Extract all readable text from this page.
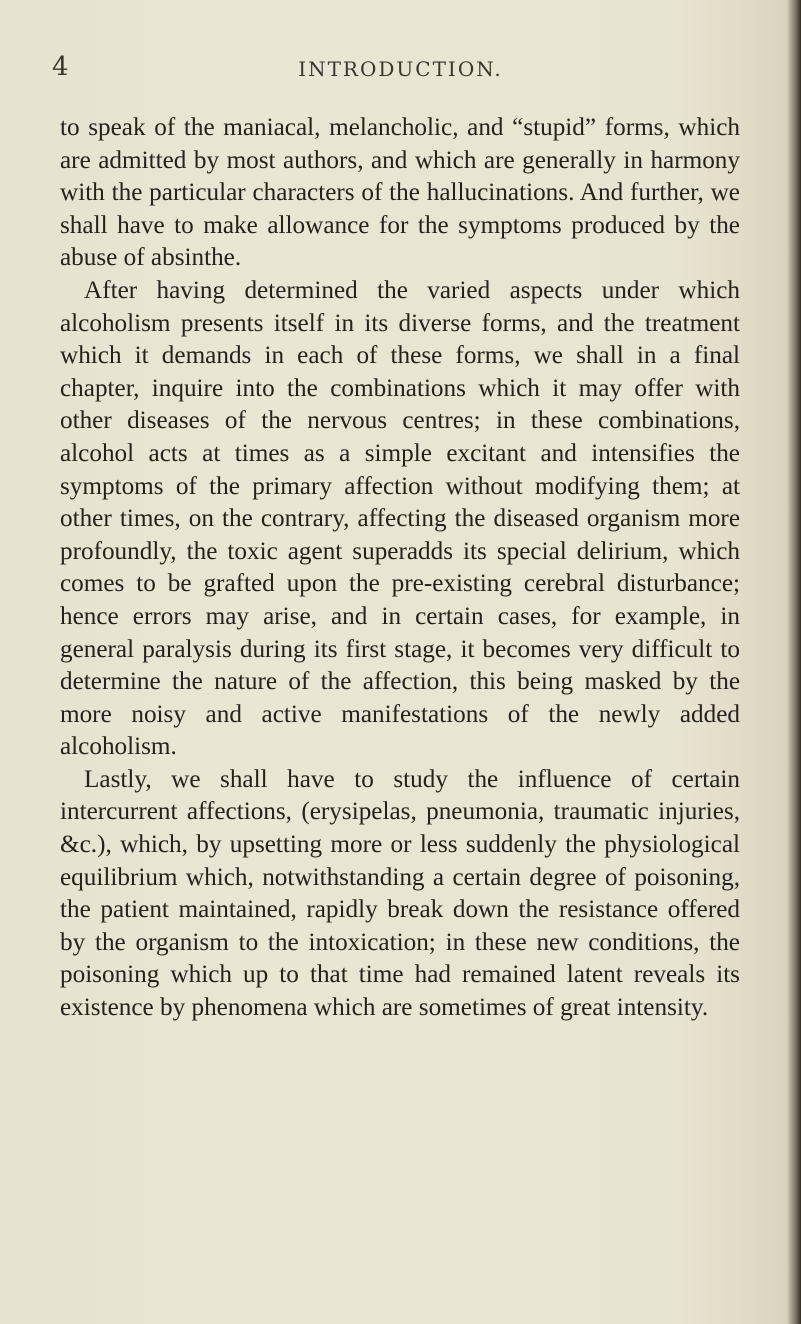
4	INTRODUCTION.

to speak of the maniacal, melancholic, and “stupid” forms, which are admitted by most authors, and which are generally in harmony with the particular characters of the hallucinations. And further, we shall have to make allowance for the symptoms produced by the abuse of absinthe.

After having determined the varied aspects under which alcoholism presents itself in its diverse forms, and the treatment which it demands in each of these forms, we shall in a final chapter, inquire into the combinations which it may offer with other diseases of the nervous centres; in these combinations, alcohol acts at times as a simple excitant and intensifies the symptoms of the primary affection without modifying them; at other times, on the contrary, affecting the diseased organism more profoundly, the toxic agent superadds its special delirium, which comes to be grafted upon the pre-existing cerebral disturbance; hence errors may arise, and in certain cases, for example, in general paralysis during its first stage, it becomes very difficult to determine the nature of the affection, this being masked by the more noisy and active manifestations of the newly added alcoholism.

Lastly, we shall have to study the influence of certain intercurrent affections, (erysipelas, pneumonia, traumatic injuries, &c.), which, by upsetting more or less suddenly the physiological equilibrium which, notwithstanding a certain degree of poisoning, the patient maintained, rapidly break down the resistance offered by the organism to the intoxication; in these new conditions, the poisoning which up to that time had remained latent reveals its existence by phenomena which are sometimes of great intensity.
